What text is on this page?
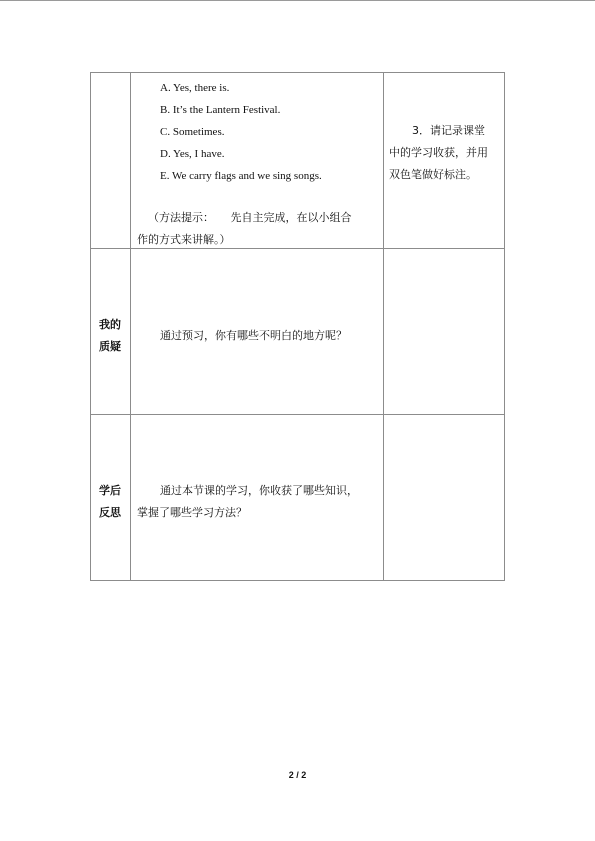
A. Yes, there is.
B. It’s the Lantern Festival.
C. Sometimes.
D. Yes, I have.
E. We carry flags and we sing songs.
（方法提示：　　先自主完成，在以小组合
作的方式来讲解。）
3．请记录课堂
中的学习收获，并用
双色笔做好标注。
我的
质疑
通过预习，你有哪些不明白的地方呢？
学后
反思
通过本节课的学习，你收获了哪些知识，
掌握了哪些学习方法？
2 / 2
